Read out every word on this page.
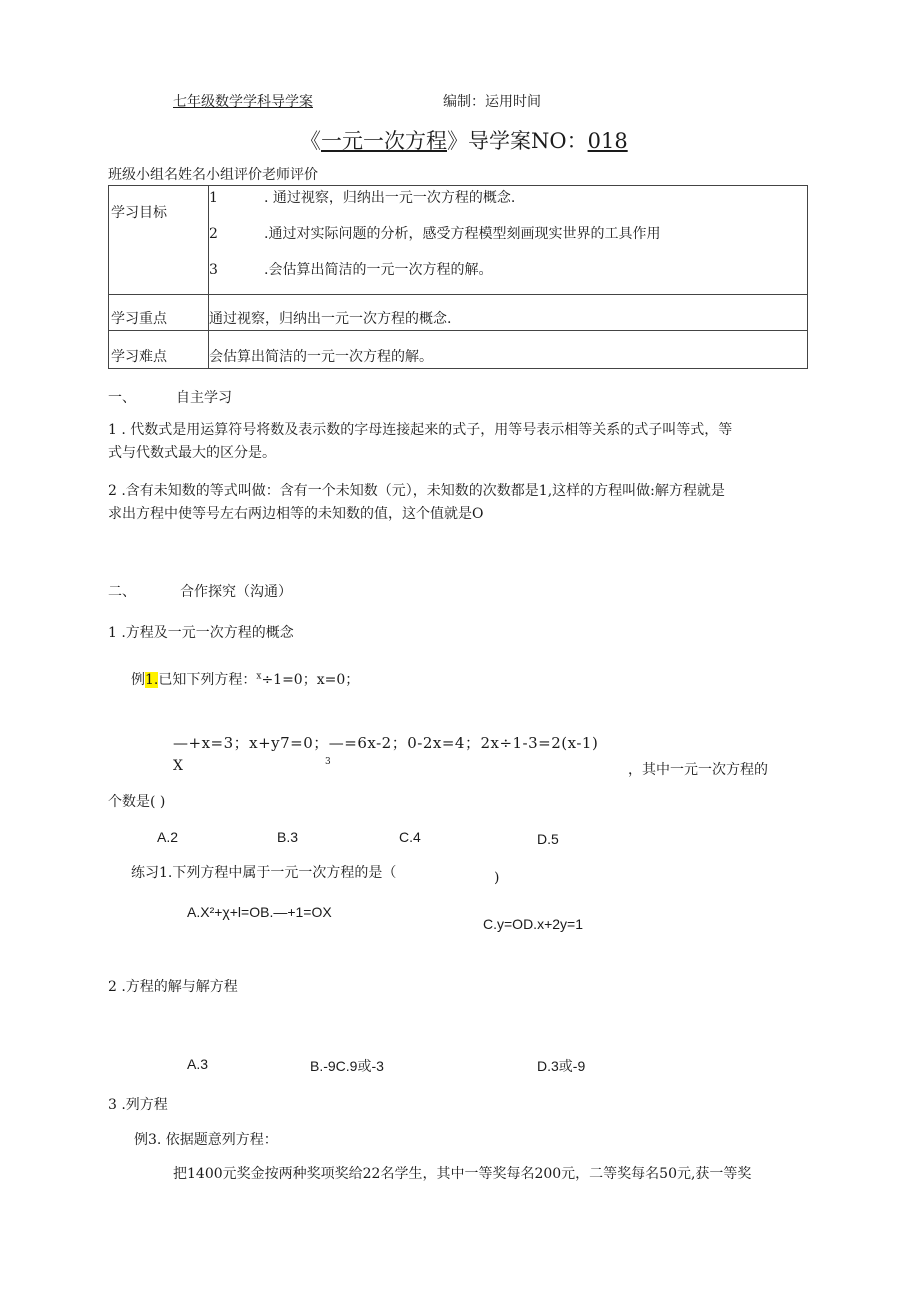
七年级数学学科导学案	编制：运用时间
《一元一次方程》导学案NO：018
班级小组名姓名小组评价老师评价
学习目标	1 . 通过视察，归纳出一元一次方程的概念.
2 .通过对实际问题的分析，感受方程模型刻画现实世界的工具作用
3 .会估算出简洁的一元一次方程的解。

学习重点	通过视察，归纳出一元一次方程的概念.
学习难点	会估算出简洁的一元一次方程的解。
一、	自主学习
1 . 代数式是用运算符号将数及表示数的字母连接起来的式子，用等号表示相等关系的式子叫等式，等
式与代数式最大的区分是。
2 .含有未知数的等式叫做：含有一个未知数（元），未知数的次数都是1,这样的方程叫做:解方程就是
求出方程中使等号左右两边相等的未知数的值，这个值就是O
二、	合作探究（沟通）
1 .方程及一元一次方程的概念
例1.已知下列方程：$^x$÷1=0；x=0；
—+x=3；x+y7=0；—=6x-2；0-2x=4；2x÷1-3=2(x-1)
X	3	，其中一元一次方程的
个数是( )
A.2	B.3	C.4	D.5
练习1.下列方程中属于一元一次方程的是（	)
A.X²+χ+l=OB.—+1=OX
C.y=OD.x+2y=1
2 .方程的解与解方程
A.3	B.-9C.9或-3	D.3或-9
3 .列方程
例3. 依据题意列方程：
把1400元奖金按两种奖项奖给22名学生，其中一等奖每名200元，二等奖每名50元,获一等奖
